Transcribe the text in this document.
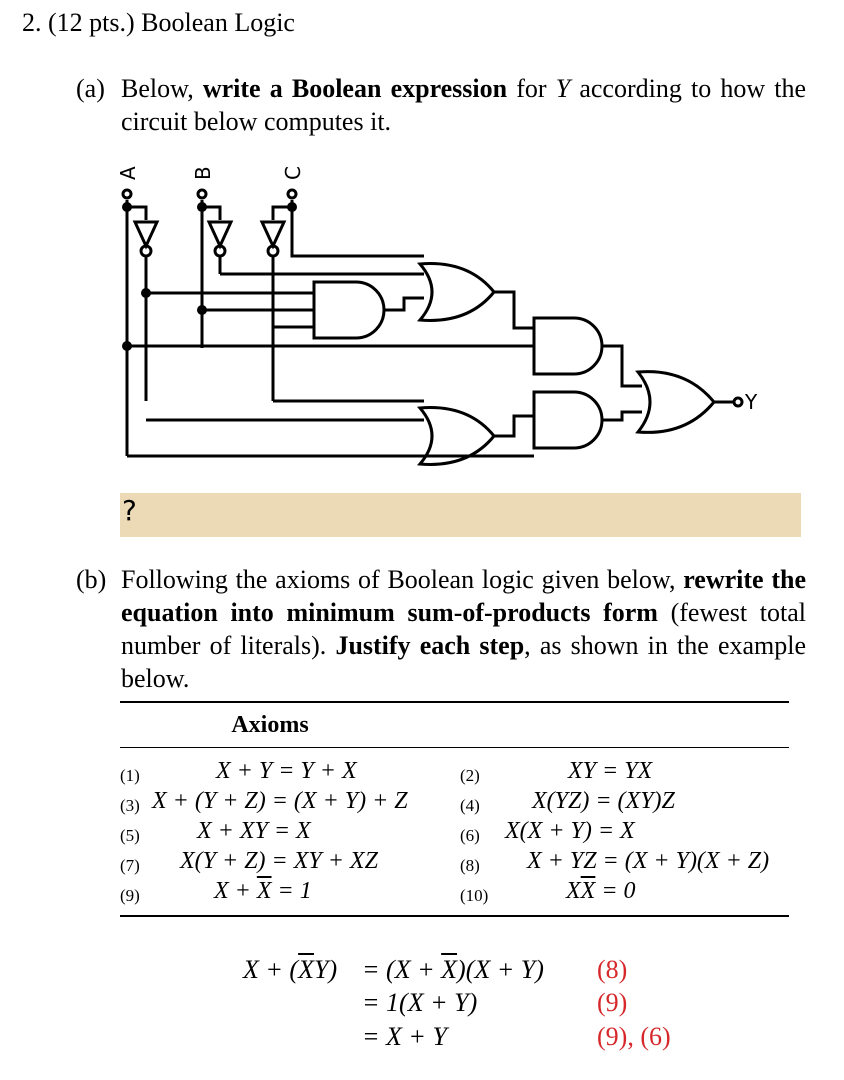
2. (12 pts.) Boolean Logic
(a) Below, write a Boolean expression for Y according to how the circuit below computes it.
A	B	C
Y
?
(b) Following the axioms of Boolean logic given below, rewrite the equation into minimum sum-of-products form (fewest total number of literals). Justify each step, as shown in the example below.
Axioms
(1)	X + Y = Y + X	(2)	XY = YX
(3) X + (Y + Z) = (X + Y) + Z	(4) X(YZ) = (XY)Z
(5) X + XY = X	(6) X(X + Y) = X
(7) X(Y + Z) = XY + XZ	(8) X + YZ = (X + Y)(X + Z)
(9)	$X + \overline{X} = 1$	(10)	$X\overline{X} = 0$
$X + (\overline{X}Y) = (X + \overline{X})(X + Y)$ (8)
= 1(X + Y)	(9)
= X + Y	(9), (6)
